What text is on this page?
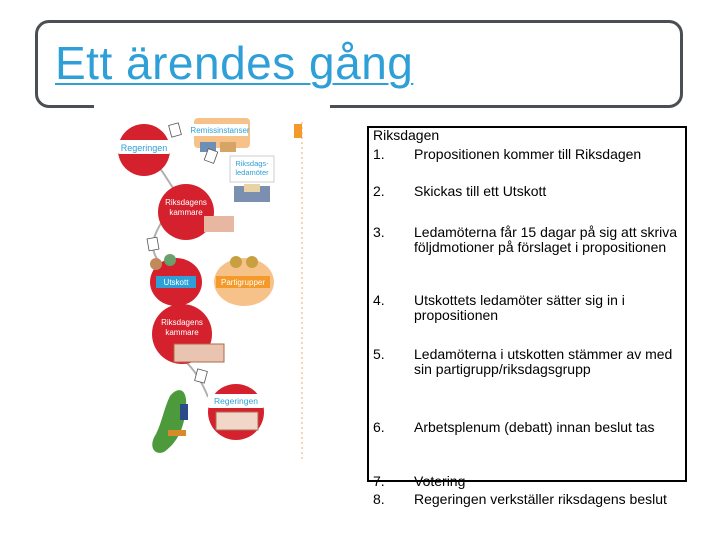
Ett ärendes gång
Regeringen
Remissinstanser
Riksdags-
ledamöter
Riksdagens
kammare
Utskott	Partigrupper
Riksdagens
kammare
Regeringen
Riksdagen
1. Propositionen kommer till Riksdagen
2. Skickas till ett Utskott
3. Ledamöterna får 15 dagar på sig att skriva följdmotioner på förslaget i propositionen
4. Utskottets ledamöter sätter sig in i propositionen
5. Ledamöterna i utskotten stämmer av med sin partigrupp/riksdagsgrupp
6. Arbetsplenum (debatt) innan beslut tas
7. Votering
8. Regeringen verkställer riksdagens beslut
